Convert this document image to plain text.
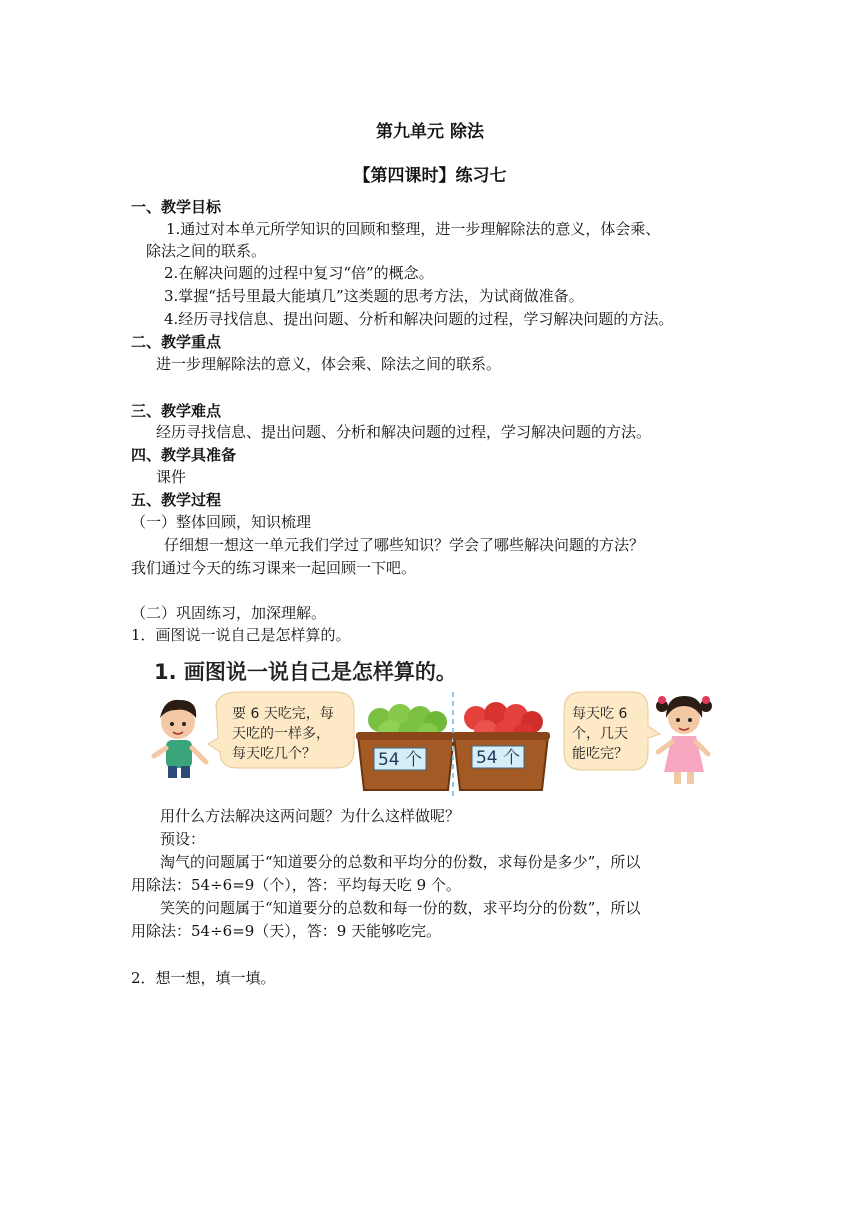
第九单元 除法
【第四课时】练习七
一、教学目标
1.通过对本单元所学知识的回顾和整理，进一步理解除法的意义，体会乘、
除法之间的联系。
2.在解决问题的过程中复习“倍”的概念。
3.掌握“括号里最大能填几”这类题的思考方法，为试商做准备。
4.经历寻找信息、提出问题、分析和解决问题的过程，学习解决问题的方法。
二、教学重点
进一步理解除法的意义，体会乘、除法之间的联系。
三、教学难点
经历寻找信息、提出问题、分析和解决问题的过程，学习解决问题的方法。
四、教学具准备
课件
五、教学过程
（一）整体回顾，知识梳理
仔细想一想这一单元我们学过了哪些知识？学会了哪些解决问题的方法？
我们通过今天的练习课来一起回顾一下吧。
（二）巩固练习，加深理解。
1．画图说一说自己是怎样算的。
1. 画图说一说自己是怎样算的。
要 6 天吃完，每
天吃的一样多，
每天吃几个？	54 个	54 个
每天吃 6
个，几天
能吃完？
用什么方法解决这两问题？为什么这样做呢？
预设：
淘气的问题属于“知道要分的总数和平均分的份数，求每份是多少”，所以
用除法：54÷6=9（个），答：平均每天吃 9 个。
笑笑的问题属于“知道要分的总数和每一份的数，求平均分的份数”，所以
用除法：54÷6=9（天），答：9 天能够吃完。
2．想一想，填一填。
